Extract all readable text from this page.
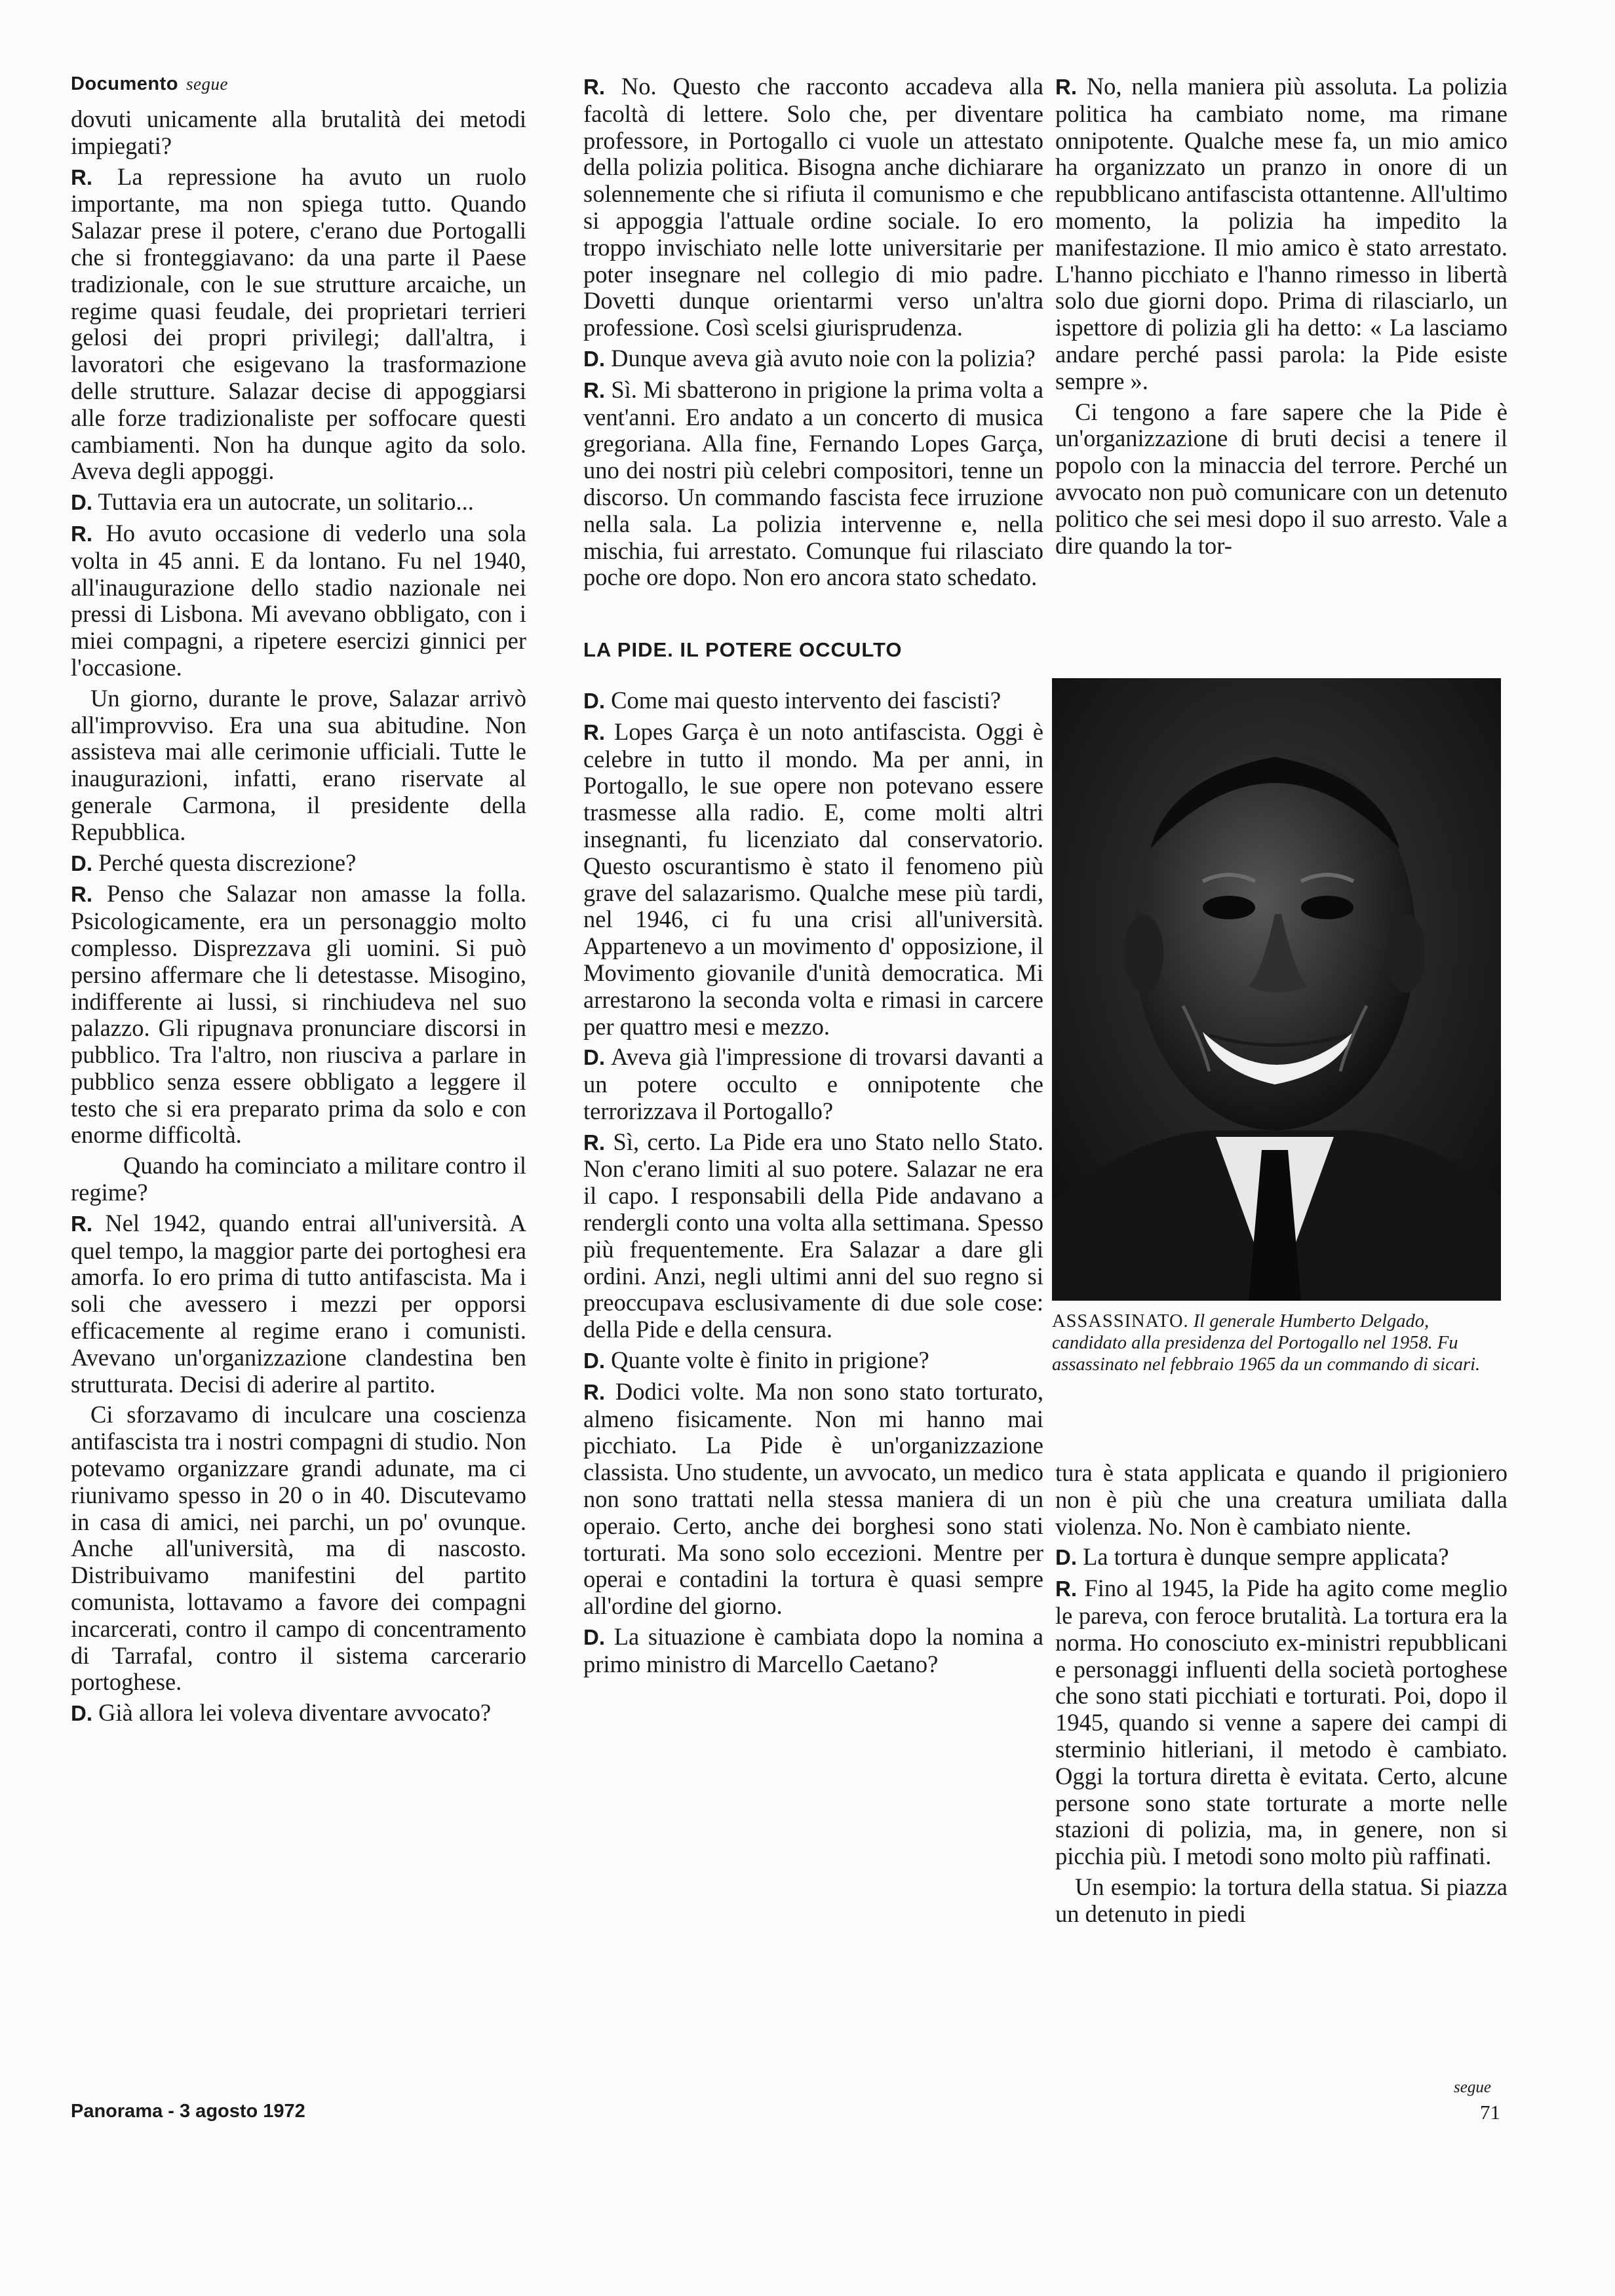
Documento segue

dovuti unicamente alla brutalità dei metodi impiegati?

R. La repressione ha avuto un ruolo importante, ma non spiega tutto. Quando Salazar prese il potere, c'erano due Portogalli che si fronteggiavano: da una parte il Paese tradizionale, con le sue strutture arcaiche, un regime quasi feudale, dei proprietari terrieri gelosi dei propri privilegi; dall'altra, i lavoratori che esigevano la trasformazione delle strutture. Salazar decise di appoggiarsi alle forze tradizionaliste per soffocare questi cambiamenti. Non ha dunque agito da solo. Aveva degli appoggi.

D. Tuttavia era un autocrate, un solitario...

R. Ho avuto occasione di vederlo una sola volta in 45 anni. E da lontano. Fu nel 1940, all'inaugurazione dello stadio nazionale nei pressi di Lisbona. Mi avevano obbligato, con i miei compagni, a ripetere esercizi ginnici per l'occasione.

Un giorno, durante le prove, Salazar arrivò all'improvviso. Era una sua abitudine. Non assisteva mai alle cerimonie ufficiali. Tutte le inaugurazioni, infatti, erano riservate al generale Carmona, il presidente della Repubblica.

D. Perché questa discrezione?

R. Penso che Salazar non amasse la folla. Psicologicamente, era un personaggio molto complesso. Disprezzava gli uomini. Si può persino affermare che li detestasse. Misogino, indifferente ai lussi, si rinchiudeva nel suo palazzo. Gli ripugnava pronunciare discorsi in pubblico. Tra l'altro, non riusciva a parlare in pubblico senza essere obbligato a leggere il testo che si era preparato prima da solo e con enorme difficoltà.

Quando ha cominciato a militare contro il regime?

R. Nel 1942, quando entrai all'università. A quel tempo, la maggior parte dei portoghesi era amorfa. Io ero prima di tutto antifascista. Ma i soli che avessero i mezzi per opporsi efficacemente al regime erano i comunisti. Avevano un'organizzazione clandestina ben strutturata. Decisi di aderire al partito.

Ci sforzavamo di inculcare una coscienza antifascista tra i nostri compagni di studio. Non potevamo organizzare grandi adunate, ma ci riunivamo spesso in 20 o in 40. Discutevamo in casa di amici, nei parchi, un po' ovunque. Anche all'università, ma di nascosto. Distribuivamo manifestini del partito comunista, lottavamo a favore dei compagni incarcerati, contro il campo di concentramento di Tarrafal, contro il sistema carcerario portoghese.

D. Già allora lei voleva diventare avvocato?

R. No. Questo che racconto accadeva alla facoltà di lettere. Solo che, per diventare professore, in Portogallo ci vuole un attestato della polizia politica. Bisogna anche dichiarare solennemente che si rifiuta il comunismo e che si appoggia l'attuale ordine sociale. Io ero troppo invischiato nelle lotte universitarie per poter insegnare nel collegio di mio padre. Dovetti dunque orientarmi verso un'altra professione. Così scelsi giurisprudenza.

D. Dunque aveva già avuto noie con la polizia?

R. Sì. Mi sbatterono in prigione la prima volta a vent'anni. Ero andato a un concerto di musica gregoriana. Alla fine, Fernando Lopes Garça, uno dei nostri più celebri compositori, tenne un discorso. Un commando fascista fece irruzione nella sala. La polizia intervenne e, nella mischia, fui arrestato. Comunque fui rilasciato poche ore dopo. Non ero ancora stato schedato.

LA PIDE. IL POTERE OCCULTO

D. Come mai questo intervento dei fascisti?

R. Lopes Garça è un noto antifascista. Oggi è celebre in tutto il mondo. Ma per anni, in Portogallo, le sue opere non potevano essere trasmesse alla radio. E, come molti altri insegnanti, fu licenziato dal conservatorio. Questo oscurantismo è stato il fenomeno più grave del salazarismo. Qualche mese più tardi, nel 1946, ci fu una crisi all'università. Appartenevo a un movimento d' opposizione, il Movimento giovanile d'unità democratica. Mi arrestarono la seconda volta e rimasi in carcere per quattro mesi e mezzo.

D. Aveva già l'impressione di trovarsi davanti a un potere occulto e onnipotente che terrorizzava il Portogallo?

R. Sì, certo. La Pide era uno Stato nello Stato. Non c'erano limiti al suo potere. Salazar ne era il capo. I responsabili della Pide andavano a rendergli conto una volta alla settimana. Spesso più frequentemente. Era Salazar a dare gli ordini. Anzi, negli ultimi anni del suo regno si preoccupava esclusivamente di due sole cose: della Pide e della censura.

D. Quante volte è finito in prigione?

R. Dodici volte. Ma non sono stato torturato, almeno fisicamente. Non mi hanno mai picchiato. La Pide è un'organizzazione classista. Uno studente, un avvocato, un medico non sono trattati nella stessa maniera di un operaio. Certo, anche dei borghesi sono stati torturati. Ma sono solo eccezioni. Mentre per operai e contadini la tortura è quasi sempre all'ordine del giorno.

D. La situazione è cambiata dopo la nomina a primo ministro di Marcello Caetano?

R. No, nella maniera più assoluta. La polizia politica ha cambiato nome, ma rimane onnipotente. Qualche mese fa, un mio amico ha organizzato un pranzo in onore di un repubblicano antifascista ottantenne. All'ultimo momento, la polizia ha impedito la manifestazione. Il mio amico è stato arrestato. L'hanno picchiato e l'hanno rimesso in libertà solo due giorni dopo. Prima di rilasciarlo, un ispettore di polizia gli ha detto: « La lasciamo andare perché passi parola: la Pide esiste sempre ».

Ci tengono a fare sapere che la Pide è un'organizzazione di bruti decisi a tenere il popolo con la minaccia del terrore. Perché un avvocato non può comunicare con un detenuto politico che sei mesi dopo il suo arresto. Vale a dire quando la tor-

ASSASSINATO. Il generale Humberto Delgado, candidato alla presidenza del Portogallo nel 1958. Fu assassinato nel febbraio 1965 da un commando di sicari.

tura è stata applicata e quando il prigioniero non è più che una creatura umiliata dalla violenza. No. Non è cambiato niente.

D. La tortura è dunque sempre applicata?

R. Fino al 1945, la Pide ha agito come meglio le pareva, con feroce brutalità. La tortura era la norma. Ho conosciuto ex-ministri repubblicani e personaggi influenti della società portoghese che sono stati picchiati e torturati. Poi, dopo il 1945, quando si venne a sapere dei campi di sterminio hitleriani, il metodo è cambiato. Oggi la tortura diretta è evitata. Certo, alcune persone sono state torturate a morte nelle stazioni di polizia, ma, in genere, non si picchia più. I metodi sono molto più raffinati.

Un esempio: la tortura della statua. Si piazza un detenuto in piedi

segue
Panorama - 3 agosto 1972	71
